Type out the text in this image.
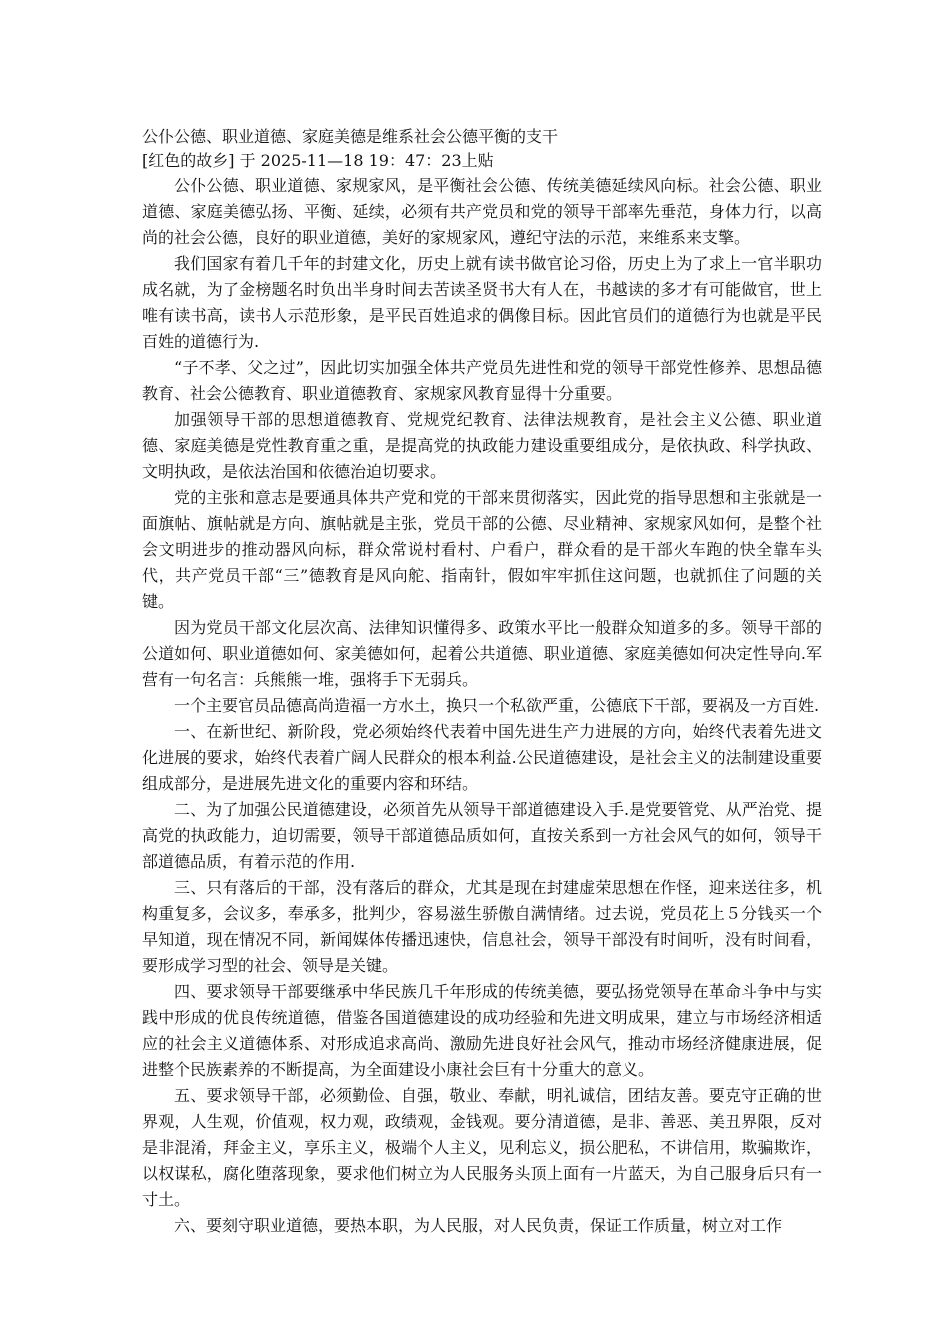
公仆公德、职业道德、家庭美德是维系社会公德平衡的支干

[红色的故乡] 于 2025-11—18 19：47：23上贴

公仆公德、职业道德、家规家风，是平衡社会公德、传统美德延续风向标。社会公德、职业道德、家庭美德弘扬、平衡、延续，必须有共产党员和党的领导干部率先垂范，身体力行，以高尚的社会公德，良好的职业道德，美好的家规家风，遵纪守法的示范，来维系来支擎。

我们国家有着几千年的封建文化，历史上就有读书做官论习俗，历史上为了求上一官半职功成名就，为了金榜题名时负出半身时间去苦读圣贤书大有人在，书越读的多才有可能做官，世上唯有读书高，读书人示范形象，是平民百姓追求的偶像目标。因此官员们的道德行为也就是平民百姓的道德行为.

“子不孝、父之过”，因此切实加强全体共产党员先进性和党的领导干部党性修养、思想品德教育、社会公德教育、职业道德教育、家规家风教育显得十分重要。

加强领导干部的思想道德教育、党规党纪教育、法律法规教育，是社会主义公德、职业道德、家庭美德是党性教育重之重，是提高党的执政能力建设重要组成分，是依执政、科学执政、文明执政，是依法治国和依德治迫切要求。

党的主张和意志是要通具体共产党和党的干部来贯彻落实，因此党的指导思想和主张就是一面旗帖、旗帖就是方向、旗帖就是主张，党员干部的公德、尽业精神、家规家风如何，是整个社会文明进步的推动器风向标，群众常说村看村、户看户，群众看的是干部火车跑的快全靠车头代，共产党员干部“三”德教育是风向舵、指南针，假如牢牢抓住这问题，也就抓住了问题的关键。

因为党员干部文化层次高、法律知识懂得多、政策水平比一般群众知道多的多。领导干部的　　公道如何、职业道德如何、家美德如何，起着公共道德、职业道德、家庭美德如何决定性导向.军营有一句名言：兵熊熊一堆，强将手下无弱兵。

一个主要官员品德高尚造福一方水土，换只一个私欲严重，公德底下干部，要祸及一方百姓.

一、在新世纪、新阶段，党必须始终代表着中国先进生产力进展的方向，始终代表着先进文化进展的要求，始终代表着广阔人民群众的根本利益.公民道德建设，是社会主义的法制建设重要组成部分，是进展先进文化的重要内容和环结。

二、为了加强公民道德建设，必须首先从领导干部道德建设入手.是党要管党、从严治党、提高党的执政能力，迫切需要，领导干部道德品质如何，直按关系到一方社会风气的如何，领导干部道德品质，有着示范的作用.

三、只有落后的干部，没有落后的群众，尤其是现在封建虚荣思想在作怪，迎来送往多，机构重复多，会议多，奉承多，批判少，容易滋生骄傲自满情绪。过去说，党员花上５分钱买一个早知道，现在情况不同，新闻媒体传播迅速快，信息社会，领导干部没有时间听，没有时间看，要形成学习型的社会、领导是关键。

四、要求领导干部要继承中华民族几千年形成的传统美德，要弘扬党领导在革命斗争中与实践中形成的优良传统道德，借鉴各国道德建设的成功经验和先进文明成果，建立与市场经济相适应的社会主义道德体系、对形成追求高尚、激励先进良好社会风气，推动市场经济健康进展，促进整个民族素养的不断提高，为全面建设小康社会巨有十分重大的意义。

五、要求领导干部，必须勤俭、自强，敬业、奉献，明礼诚信，团结友善。要克守正确的世界观，人生观，价值观，权力观，政绩观，金钱观。要分清道德，是非、善恶、美丑界限，反对是非混淆，拜金主义，享乐主义，极端个人主义，见利忘义，损公肥私，不讲信用，欺骗欺诈，以权谋私，腐化堕落现象，要求他们树立为人民服务头顶上面有一片蓝天，为自己服身后只有一寸土。

六、要刻守职业道德，要热本职，为人民服，对人民负责，保证工作质量，树立对工作
